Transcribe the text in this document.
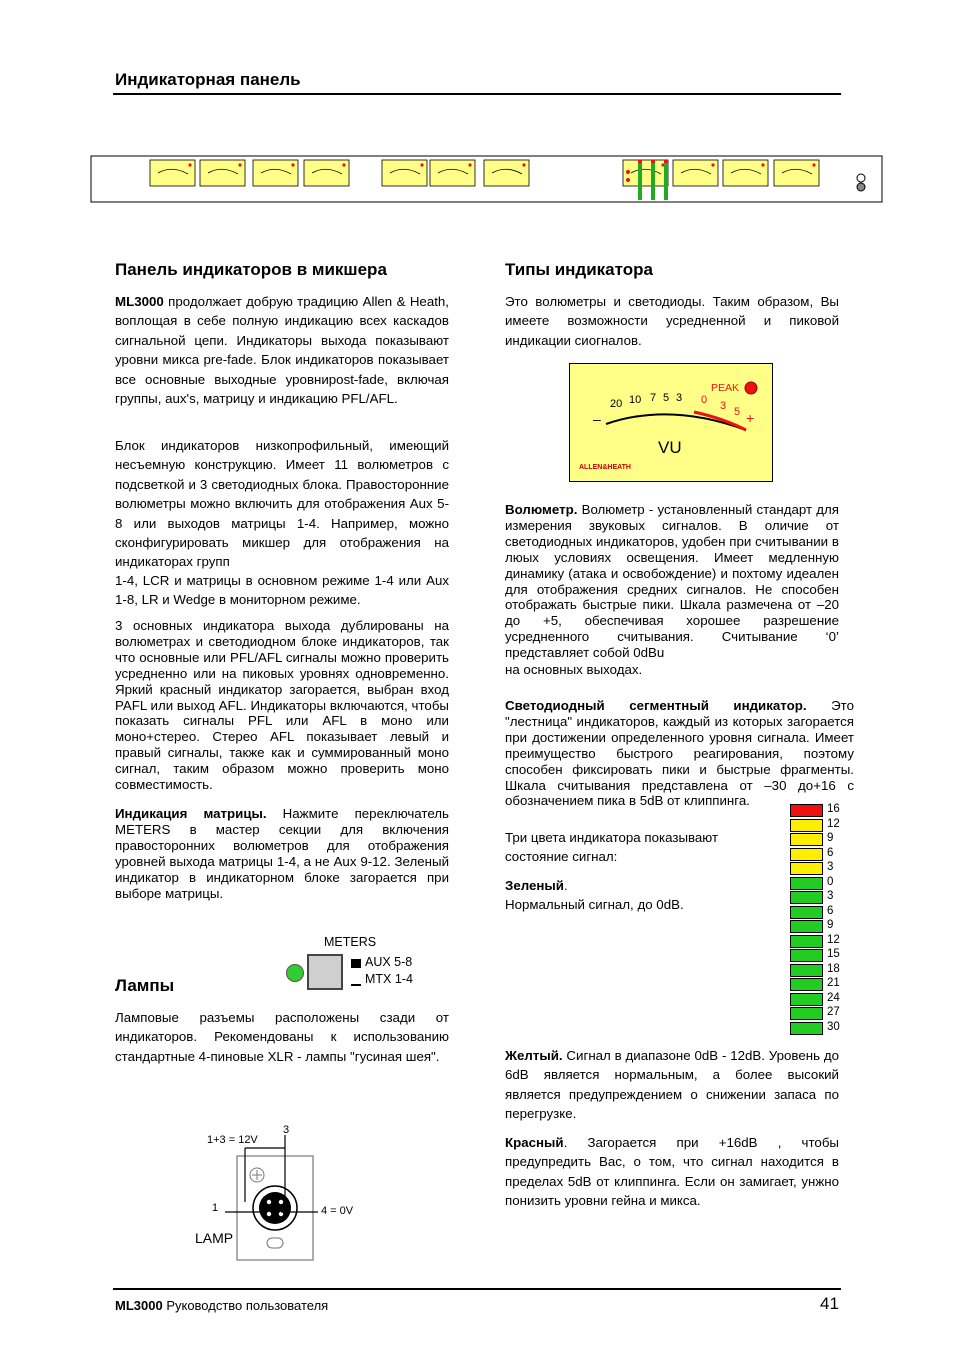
Индикаторная панель
Панель индикаторов в микшера
ML3000 продолжает добрую традицию Allen & Heath, воплощая в себе полную индикацию всех каскадов сигнальной цепи. Индикаторы выхода показывают уровни микса pre-fade. Блок индикаторов показывает все основные выходные уровниpost-fade, включая группы, aux's, матрицу и индикацию PFL/AFL.
Блок индикаторов низкопрофильный, имеющий несъемную конструкцию. Имеет 11 волюметров с подсветкой и 3 светодиодных блока. Правосторонние волюметры можно включить для отображения Aux 5-8 или выходов матрицы 1-4. Например, можно сконфигурировать микшер для отображения на индикаторах групп
1-4, LCR и матрицы в основном режиме 1-4 или Aux 1-8, LR и Wedge в мониторном режиме.
3 основных индикатора выхода дублированы на волюметрах и светодиодном блоке индикаторов, так что основные или PFL/AFL сигналы можно проверить усредненно или на пиковых уровнях одновременно. Яркий красный индикатор загорается, выбран вход PAFL или выход AFL. Индикаторы включаются, чтобы показать сигналы PFL или AFL в моно или моно+стерео. Стерео AFL показывает левый и правый сигналы, также как и суммированный моно сигнал, таким образом можно проверить моно совместимость.
Индикация матрицы. Нажмите переключатель METERS в мастер секции для включения правосторонних волюметров для отображения уровней выхода матрицы 1-4, а не Aux 9-12. Зеленый индикатор в индикаторном блоке загорается при выборе матрицы.
METERS
AUX 5-8
MTX 1-4
Лампы
Ламповые разъемы расположены сзади от индикаторов. Рекомендованы к использованию стандартные 4-пиновые XLR - лампы "гусиная шея".
3
1+3 = 12V
1	4 = 0V
LAMP
Типы индикатора
Это волюметры и светодиоды. Таким образом, Вы имеете возможности усредненной и пиковой индикации сиогналов.
PEAK
–
20 10 7 5 3 0 3 5 +
VU
ALLEN&HEATH
Волюметр. Волюметр - установленный стандарт для измерения звуковых сигналов. В оличие от светодиодных индикаторов, удобен при считывании в люых условиях освещения. Имеет медленную динамику (атака и освобождение) и похтому идеален для отображения средних сигналов. Не способен отображать быстрые пики. Шкала размечена от –20 до +5, обеспечивая хорошее разрешение усредненного считывания. Считывание ‘0’ представляет собой 0dBu
на основных выходах.
Светодиодный сегментный индикатор. Это "лестница" индикаторов, каждый из которых загорается при достижении определенного уровня сигнала. Имеет преимущество быстрого реагирования, поэтому способен фиксировать пики и быстрые фрагменты. Шкала считывания представлена от –30 до+16 с обозначением пика в 5dB от клиппинга.
Три цвета индикатора показывают состояние сигнал:
Зеленый.
Нормальный сигнал, до 0dB.
16
12
9
6
3
0
3
6
9
12
15
18
21
24
27
30
Желтый. Сигнал в диапазоне 0dB - 12dB. Уровень до 6dB является нормальным, а более высокий является предупреждением о снижении запаса по перегрузке.
Красный. Загорается при +16dB , чтобы предупредить Вас, о том, что сигнал находится в пределах 5dB от клиппинга. Если он замигает, унжно понизить уровни гейна и микса.
ML3000 Руководство пользователя	41
